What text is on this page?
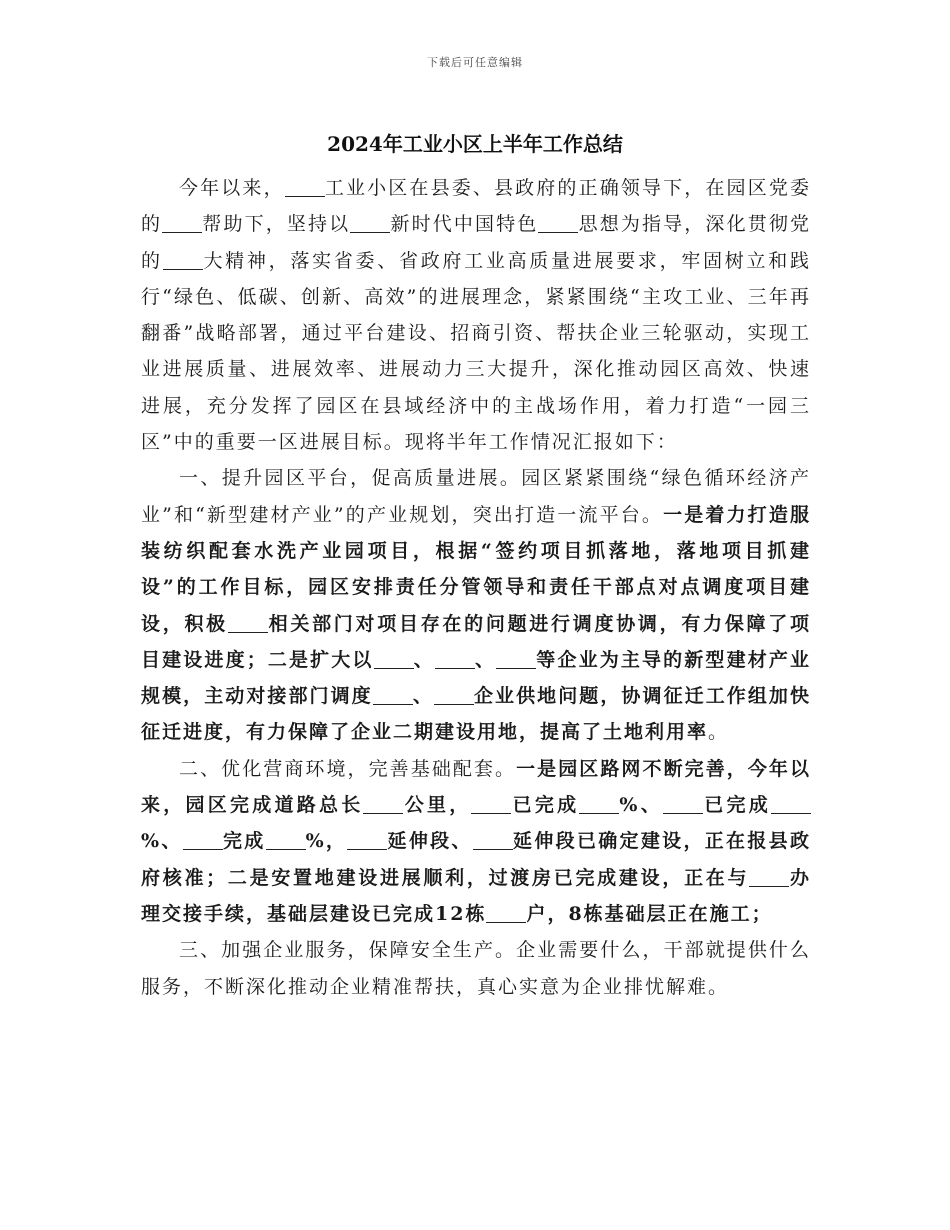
下载后可任意编辑
2024年工业小区上半年工作总结

今年以来， 工业小区在县委、县政府的正确领导下，在园区党委的 帮助下，坚持以 新时代中国特色 思想为指导，深化贯彻党的 大精神，落实省委、省政府工业高质量进展要求，牢固树立和践行“绿色、低碳、创新、高效”的进展理念，紧紧围绕“主攻工业、三年再翻番”战略部署，通过平台建设、招商引资、帮扶企业三轮驱动，实现工业进展质量、进展效率、进展动力三大提升，深化推动园区高效、快速进展，充分发挥了园区在县域经济中的主战场作用，着力打造“一园三区”中的重要一区进展目标。现将半年工作情况汇报如下：

一、提升园区平台，促高质量进展。园区紧紧围绕“绿色循环经济产业”和“新型建材产业”的产业规划，突出打造一流平台。一是着力打造服装纺织配套水洗产业园项目，根据“签约项目抓落地，落地项目抓建设”的工作目标，园区安排责任分管领导和责任干部点对点调度项目建设，积极 相关部门对项目存在的问题进行调度协调，有力保障了项目建设进度；二是扩大以 、 、 等企业为主导的新型建材产业规模，主动对接部门调度 、 企业供地问题，协调征迁工作组加快征迁进度，有力保障了企业二期建设用地，提高了土地利用率。

二、优化营商环境，完善基础配套。一是园区路网不断完善，今年以来，园区完成道路总长 公里， 已完成 %、 已完成%、 完成 %， 延伸段、 延伸段已确定建设，正在报县政府核准；二是安置地建设进展顺利，过渡房已完成建设，正在与 办理交接手续，基础层建设已完成12栋 户，8栋基础层正在施工；

三、加强企业服务，保障安全生产。企业需要什么，干部就提供什么服务，不断深化推动企业精准帮扶，真心实意为企业排忧解难。
